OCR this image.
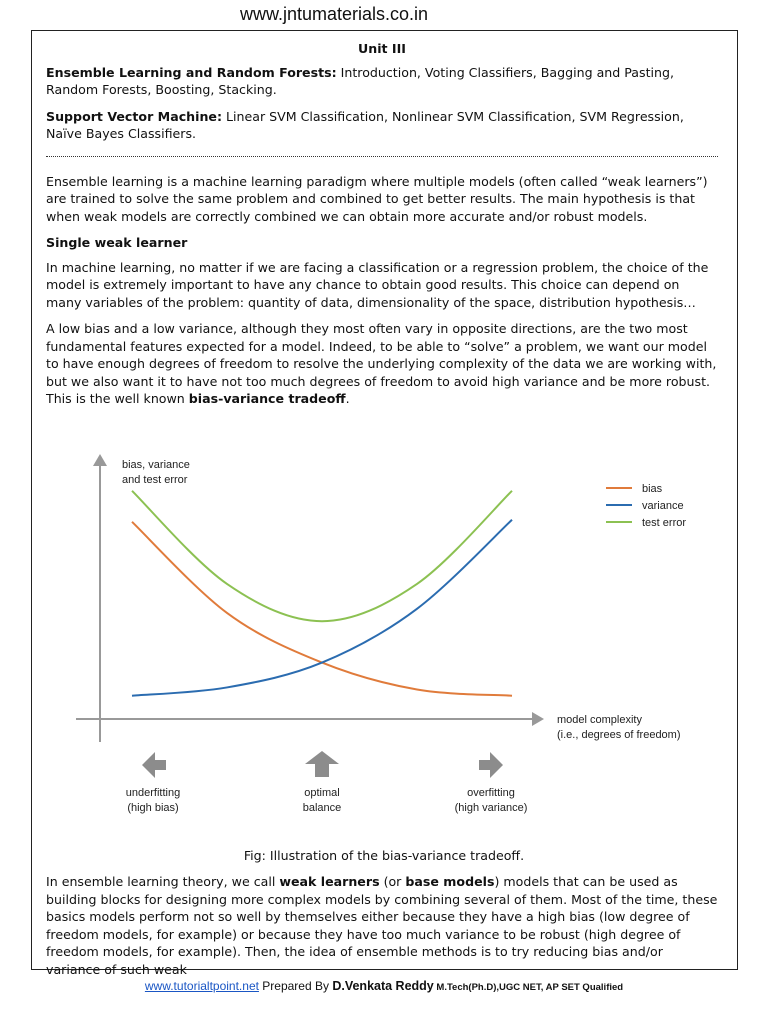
www.jntumaterials.co.in

Unit III

Ensemble Learning and Random Forests: Introduction, Voting Classifiers, Bagging and Pasting, Random Forests, Boosting, Stacking.

Support Vector Machine: Linear SVM Classification, Nonlinear SVM Classification, SVM Regression, Naïve Bayes Classifiers.

Ensemble learning is a machine learning paradigm where multiple models (often called “weak learners”) are trained to solve the same problem and combined to get better results. The main hypothesis is that when weak models are correctly combined we can obtain more accurate and/or robust models.

Single weak learner

In machine learning, no matter if we are facing a classification or a regression problem, the choice of the model is extremely important to have any chance to obtain good results. This choice can depend on many variables of the problem: quantity of data, dimensionality of the space, distribution hypothesis…

A low bias and a low variance, although they most often vary in opposite directions, are the two most fundamental features expected for a model. Indeed, to be able to “solve” a problem, we want our model to have enough degrees of freedom to resolve the underlying complexity of the data we are working with, but we also want it to have not too much degrees of freedom to avoid high variance and be more robust. This is the well known bias-variance tradeoff.

bias, variance
and test error
model complexity
(i.e., degrees of freedom)
bias
variance
test error
underfitting
(high bias)
optimal
balance
overfitting
(high variance)
Fig: Illustration of the bias-variance tradeoff.

In ensemble learning theory, we call weak learners (or base models) models that can be used as building blocks for designing more complex models by combining several of them. Most of the time, these basics models perform not so well by themselves either because they have a high bias (low degree of freedom models, for example) or because they have too much variance to be robust (high degree of freedom models, for example). Then, the idea of ensemble methods is to try reducing bias and/or variance of such weak

www.tutorialtpoint.net Prepared By D.Venkata Reddy M.Tech(Ph.D),UGC NET, AP SET Qualified
